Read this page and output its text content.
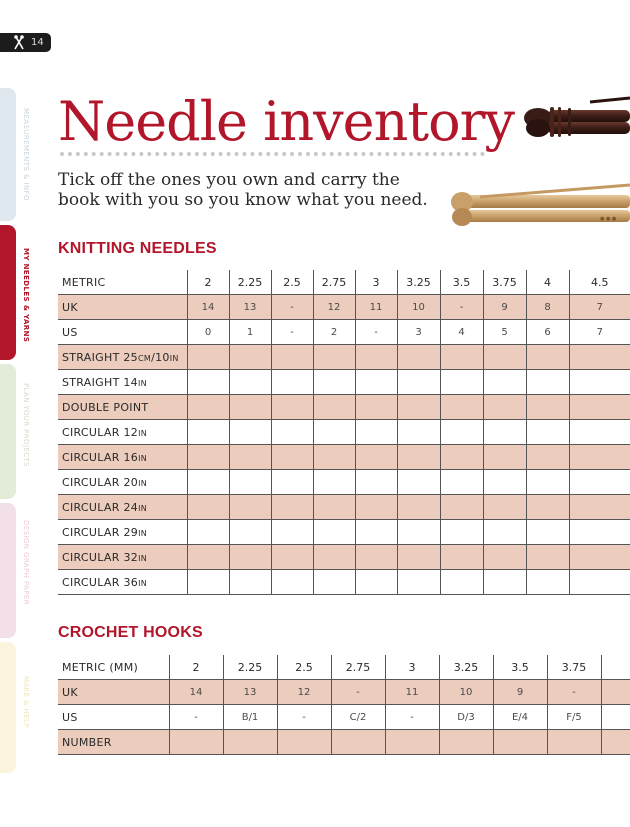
14
MEASUREMENTS & INFO
MY NEEDLES & YARNS
PLAN YOUR PROJECTS
DESIGN GRAPH PAPER
MAKE & HELP
Needle inventory

Tick off the ones you own and carry the book with you so you know what you need.

● ● ●
KNITTING NEEDLES
METRIC	2	2.25	2.5	2.75	3	3.25	3.5	3.75	4	4.5
UK	14	13	-	12	11	10	-	9	8	7
US	0	1	-	2	-	3	4	5	6	7
STRAIGHT 25CM/10IN										
STRAIGHT 14IN										
DOUBLE POINT										
CIRCULAR 12IN										
CIRCULAR 16IN										
CIRCULAR 20IN										
CIRCULAR 24IN										
CIRCULAR 29IN										
CIRCULAR 32IN										
CIRCULAR 36IN										
CROCHET HOOKS
METRIC (MM)	2	2.25	2.5	2.75	3	3.25	3.5	3.75	
UK	14	13	12	-	11	10	9	-	
US	-	B/1	-	C/2	-	D/3	E/4	F/5	
NUMBER									
